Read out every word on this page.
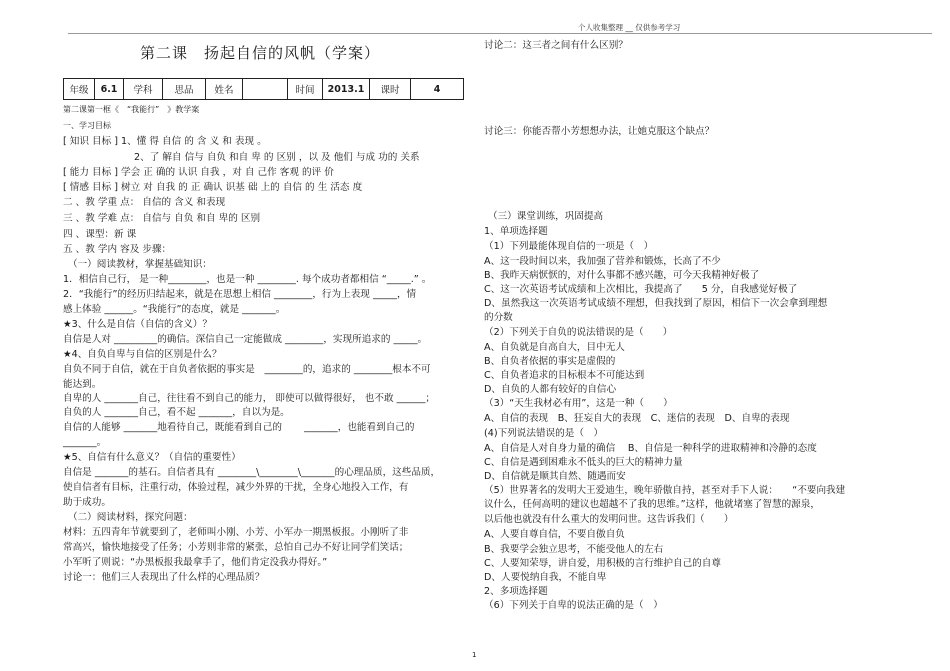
个人收集整理 __ 仅供参考学习
第二课　扬起自信的风帆（学案）
年级	6.1	学科	思品	姓名		时间	2013.1	课时	4
第二课第一框《　“我能行”　》教学案
一、学习目标
[ 知识 目标 ] 1、懂 得 自信 的 含 义 和 表现 。
2、了 解自 信与 自负 和自 卑 的 区别 ，以 及 他们 与成 功的 关系
[ 能力 目标 ] 学会 正 确的 认识 自我 ，对 自 己作 客观 的评 价
[ 情感 目标 ] 树立 对 自我 的 正 确认 识基 础 上的 自信 的 生 活态 度
二 、教 学重 点： 自信的 含义 和表现
三 、教 学难 点： 自信与 自负 和自 卑的 区别
四 、课型：新 课
五 、教 学内 容及 步骤：
（一）阅读教材，掌握基础知识：
1．相信自己行， 是一种________，也是一种 ________. 每个成功者都相信 “_____.” 。
2．“我能行”的经历归结起来，就是在思想上相信 ________，行为上表现 _____，情
感上体验 ______。“我能行”的态度，就是 _______。
★3、什么是自信（自信的含义）？
自信是人对 _________的确信。深信自己一定能做成 ________，实现所追求的 _____。
★4、自负自卑与自信的区别是什么？
自负不同于自信，就在于自负者依据的事实是　________的，追求的 ________根本不可
能达到。
自卑的人 _______自己，往往看不到自己的能力， 即使可以做得很好， 也不敢 ______；
自负的人 _______自己，看不起 _______，自以为是。
自信的人能够 _______地看待自己，既能看到自己的 　　_______，也能看到自己的
_______。
★5、自信有什么意义？（自信的重要性）
自信是 _______的基石。自信者具有 ________\________\_______的心理品质，这些品质，
使自信者有目标，注重行动，体验过程，减少外界的干扰，全身心地投入工作，有
助于成功。
（二）阅读材料，探究问题：
材料：五四青年节就要到了，老师叫小刚、小芳、小军办一期黑板报。小刚听了非
常高兴，愉快地接受了任务；小芳则非常的紧张，总怕自己办不好让同学们笑话；
小军听了则说：“办黑板报我最拿手了，他们肯定没我办得好。”
讨论一：他们三人表现出了什么样的心理品质？
讨论二：这三者之间有什么区别？
讨论三：你能否帮小芳想想办法，让她克服这个缺点？
（三）课堂训练，巩固提高
1、单项选择题
（1）下列最能体现自信的一项是（　）
A、这一段时间以来，我加强了营养和锻炼，长高了不少
B、我昨天病恹恹的，对什么事都不感兴趣，可今天我精神好极了
C、这一次英语考试成绩和上次相比，我提高了　　5 分，自我感觉好极了
D、虽然我这一次英语考试成绩不理想，但我找到了原因，相信下一次会拿到理想
的分数
（2）下列关于自负的说法错误的是（　　）
A、自负就是自高自大，目中无人
B、自负者依据的事实是虚假的
C、自负者追求的目标根本不可能达到
D、自负的人都有较好的自信心
（3）“天生我材必有用”，这是一种（　　）
A、自信的表现　B、狂妄自大的表现　C、迷信的表现　D、自卑的表现
(4)下列说法错误的是（　）
A、自信是人对自身力量的确信　 B、自信是一种科学的进取精神和冷静的态度
C、自信是遇到困难永不低头的巨大的精神力量
D、自信就是顺其自然、随遇而安
（5）世界著名的发明大王爱迪生，晚年骄傲自持，甚至对手下人说：　　“不要向我建
议什么，任何高明的建议也超越不了我的思维。”这样，他就堵塞了智慧的源泉，
以后他也就没有什么重大的发明问世。这告诉我们（　　）
A、人要自尊自信，不要自傲自负
B、我要学会独立思考，不能受他人的左右
C、人要知荣辱，讲自爱，用积极的言行维护自己的自尊
D、人要悦纳自我，不能自卑
2、多项选择题
（6）下列关于自卑的说法正确的是（　）
1
